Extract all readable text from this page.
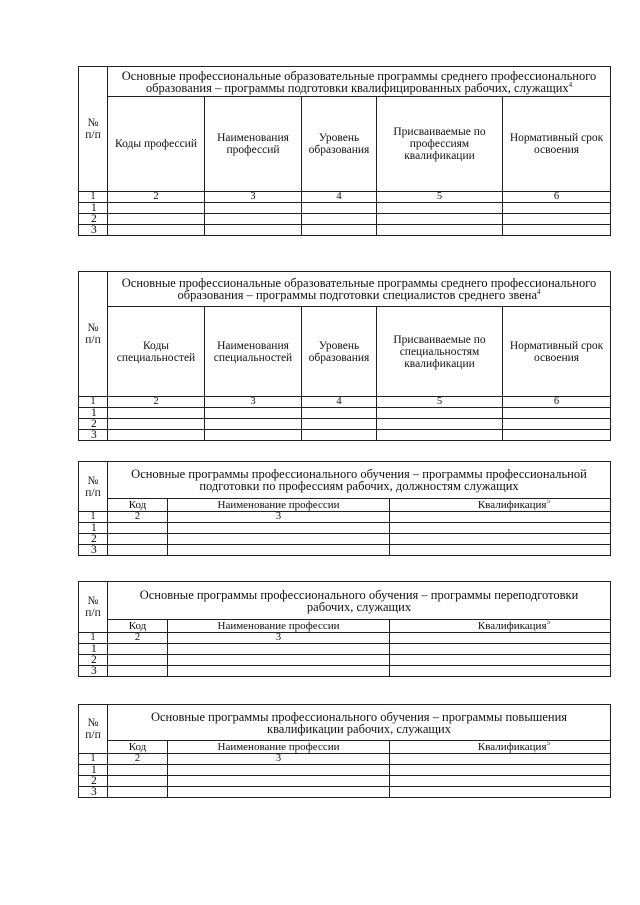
№
п/п	Основные профессиональные образовательные программы среднего профессионального
образования – программы подготовки квалифицированных рабочих, служащих$^4$
	Коды профессий	Наименования профессий	Уровень образования	Присваиваемые по профессиям квалификации	Нормативный срок освоения
1	2	3	4	5	6
1					
2					
3					
№
п/п	Основные профессиональные образовательные программы среднего профессионального
образования – программы подготовки специалистов среднего звена$^4$
	Коды специальностей	Наименования специальностей	Уровень образования	Присваиваемые по специальностям квалификации	Нормативный срок освоения
1	2	3	4	5	6
1					
2					
3					
№
п/п	Основные программы профессионального обучения – программы профессиональной
подготовки по профессиям рабочих, должностям служащих		
	Код	Наименование профессии	Квалификация$^5$
1	2	3	
1			
2			
3			
№
п/п	Основные программы профессионального обучения – программы переподготовки
рабочих, служащих		
	Код	Наименование профессии	Квалификация$^5$
1	2	3	
1			
2			
3			
№
п/п	Основные программы профессионального обучения – программы повышения
квалификации рабочих, служащих		
	Код	Наименование профессии	Квалификация$^5$
1	2	3	
1			
2			
3			
